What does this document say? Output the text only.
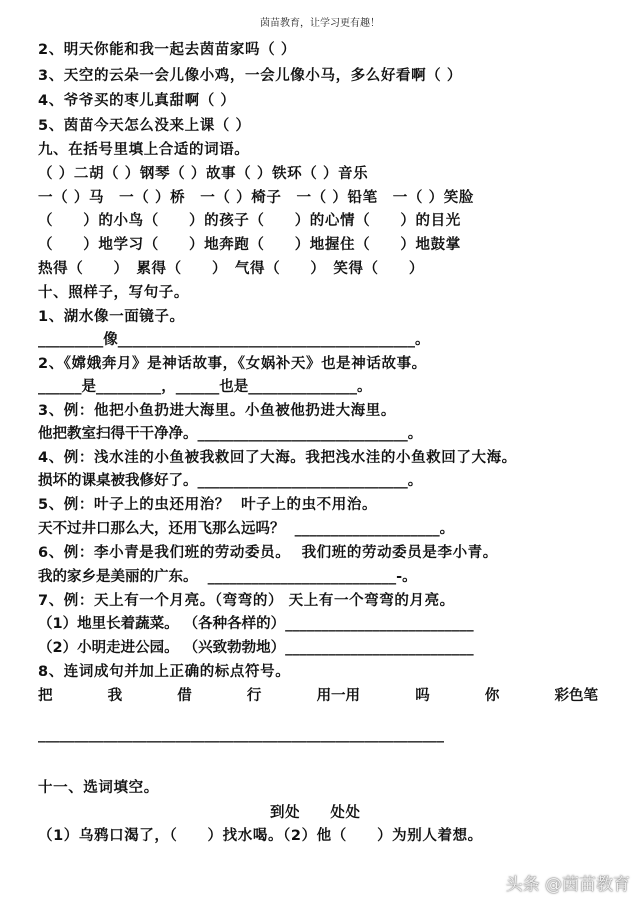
茵苗教育，让学习更有趣！
2、明天你能和我一起去茵苗家吗（ ）
3、天空的云朵一会儿像小鸡，一会儿像小马，多么好看啊（ ）
4、爷爷买的枣儿真甜啊（ ）
5、茵苗今天怎么没来上课（ ）
九、在括号里填上合适的词语。
（ ）二胡（ ）钢琴（ ）故事（ ）铁环（ ）音乐
一（ ）马　一（ ）桥　一（ ）椅子　一（ ）铅笔　一（ ）笑脸
（　　）的小鸟（　　）的孩子（　　）的心情（　　）的目光
（　　）地学习（　　）地奔跑（　　）地握住（　　）地鼓掌
热得（　　）　累得（　　）　气得（　　）　笑得（　　）
十、照样子，写句子。
1、湖水像一面镜子。
_________像_________________________________________。
2、《嫦娥奔月》是神话故事，《女娲补天》也是神话故事。
______是_________，______也是_______________。
3、例：他把小鱼扔进大海里。小鱼被他扔进大海里。
他把教室扫得干干净净。_____________________________。
4、例：浅水洼的小鱼被我救回了大海。我把浅水洼的小鱼救回了大海。
损坏的课桌被我修好了。_____________________________。
5、例：叶子上的虫还用治？  叶子上的虫不用治。
天不过井口那么大，还用飞那么远吗？  ____________________。
6、例：李小青是我们班的劳动委员。  我们班的劳动委员是李小青。
我的家乡是美丽的广东。  __________________________-。
7、例：天上有一个月亮。（弯弯的） 天上有一个弯弯的月亮。
（1）地里长着蔬菜。 （各种各样的）__________________________
（2）小明走进公园。 （兴致勃勃地）__________________________
8、连词成句并加上正确的标点符号。
把	我	借	行	用一用	吗	你	彩色笔
________________________________________________________
十一、选词填空。
到处　　处处
（1）乌鸦口渴了，（　　）找水喝。（2）他（　　）为别人着想。
头条 @茵苗教育
